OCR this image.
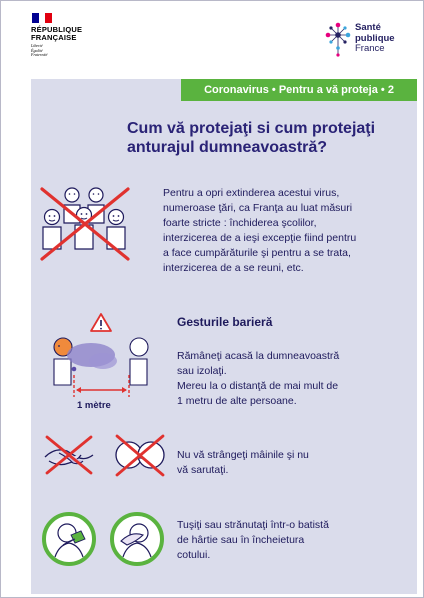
RÉPUBLIQUE
FRANÇAISE
Liberté
Égalité
Fraternité
Santé
publique
France
Coronavirus • Pentru a vă proteja • 2
Cum vă protejaţi si cum protejaţi
anturajul dumneavoastră?
Pentru a opri extinderea acestui virus,
numeroase ţări, ca Franţa au luat măsuri
foarte stricte : închiderea şcolilor,
interzicerea de a ieşi excepţie fiind pentru
a face cumpărăturile şi pentru a se trata,
interzicerea de a se reuni, etc.
Gesturile barieră
1 mètre
Rămâneţi acasă la dumneavoastră
sau izolaţi.
Mereu la o distanţă de mai mult de
1 metru de alte persoane.
Nu vă strângeţi mâinile şi nu
vă sarutaţi.
Tuşiţi sau strănutaţi într-o batistă
de hârtie sau în încheietura
cotului.
